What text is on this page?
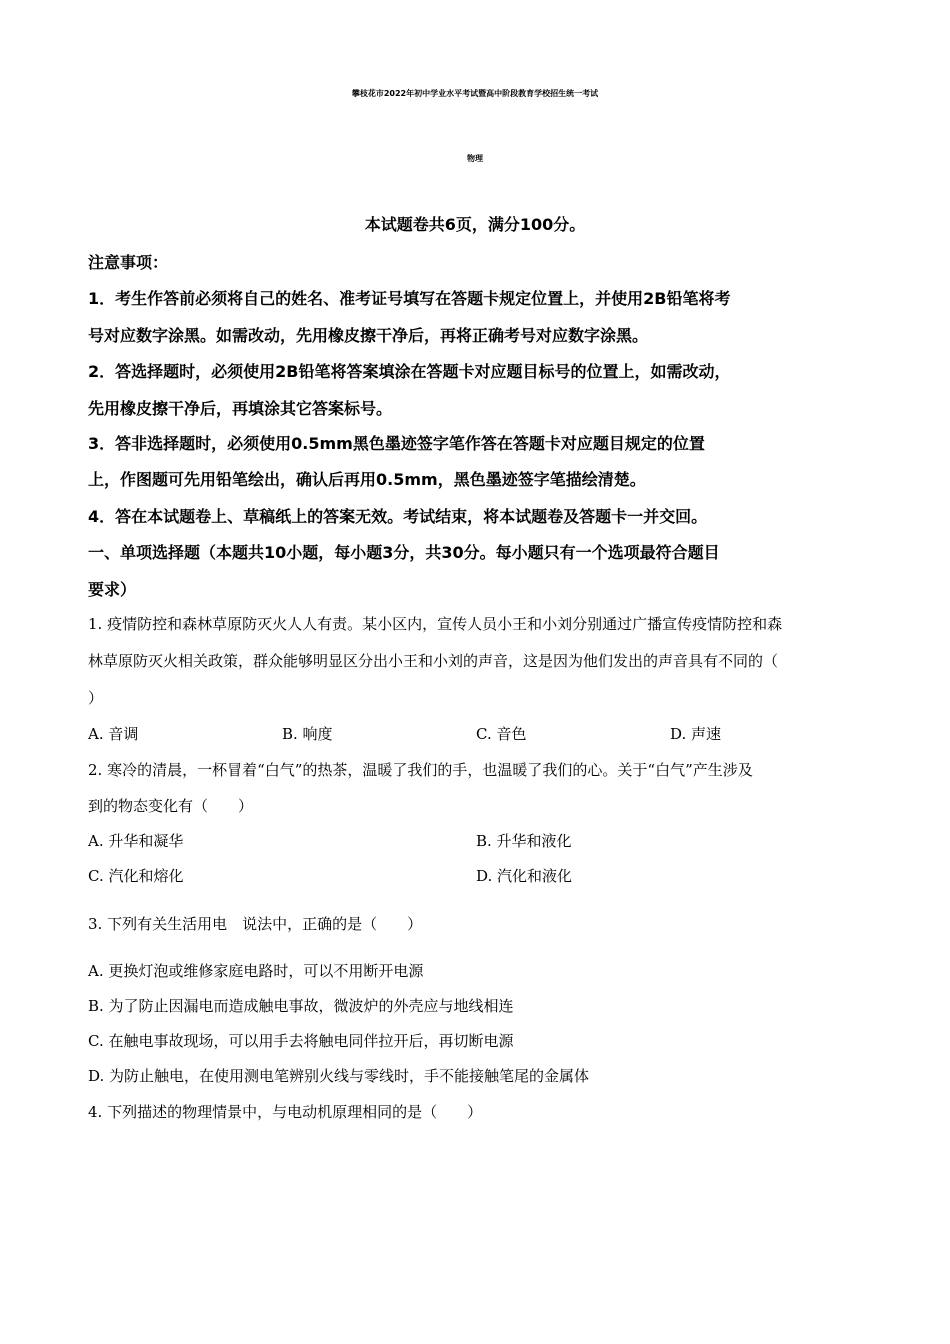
攀枝花市2022年初中学业水平考试暨高中阶段教育学校招生统一考试
物理
本试题卷共6页，满分100分。
注意事项：
1．考生作答前必须将自己的姓名、准考证号填写在答题卡规定位置上，并使用2B铅笔将考
号对应数字涂黑。如需改动，先用橡皮擦干净后，再将正确考号对应数字涂黑。
2．答选择题时，必须使用2B铅笔将答案填涂在答题卡对应题目标号的位置上，如需改动，
先用橡皮擦干净后，再填涂其它答案标号。
3．答非选择题时，必须使用0.5mm黑色墨迹签字笔作答在答题卡对应题目规定的位置
上，作图题可先用铅笔绘出，确认后再用0.5mm，黑色墨迹签字笔描绘清楚。
4．答在本试题卷上、草稿纸上的答案无效。考试结束，将本试题卷及答题卡一并交回。
一、单项选择题（本题共10小题，每小题3分，共30分。每小题只有一个选项最符合题目
要求）
1. 疫情防控和森林草原防灭火人人有责。某小区内，宣传人员小王和小刘分别通过广播宣传疫情防控和森
林草原防灭火相关政策，群众能够明显区分出小王和小刘的声音，这是因为他们发出的声音具有不同的（
）
A. 音调	B. 响度	C. 音色	D. 声速
2. 寒冷的清晨，一杯冒着“白气”的热茶，温暖了我们的手，也温暖了我们的心。关于“白气”产生涉及
到的物态变化有（　　）
A. 升华和凝华	B. 升华和液化
C. 汽化和熔化	D. 汽化和液化
3. 下列有关生活用电　说法中，正确的是（　　）
A. 更换灯泡或维修家庭电路时，可以不用断开电源
B. 为了防止因漏电而造成触电事故，微波炉的外壳应与地线相连
C. 在触电事故现场，可以用手去将触电同伴拉开后，再切断电源
D. 为防止触电，在使用测电笔辨别火线与零线时，手不能接触笔尾的金属体
4. 下列描述的物理情景中，与电动机原理相同的是（　　）
